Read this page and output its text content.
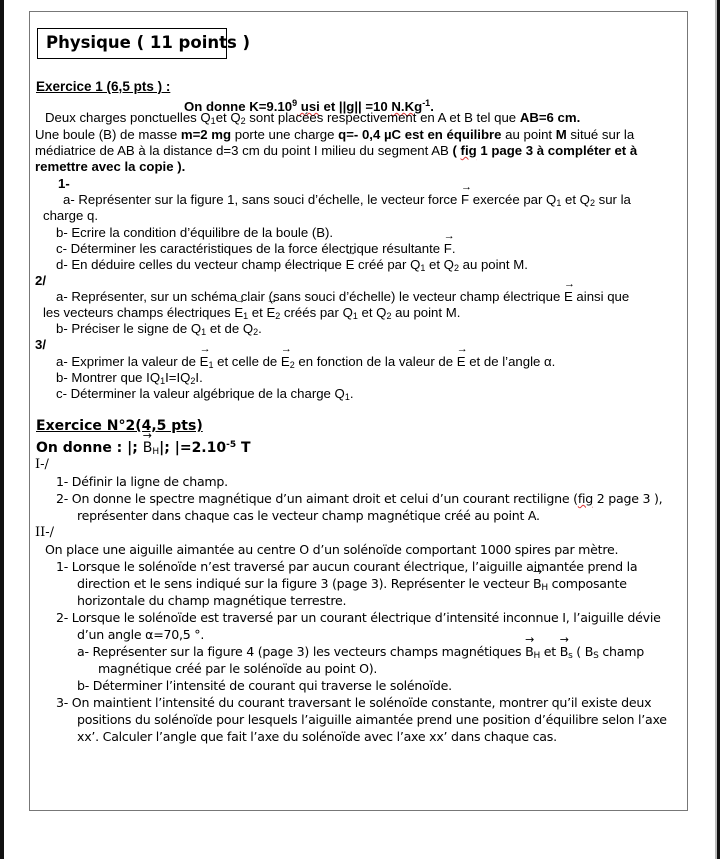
Physique ( 11 points )
Exercice 1 (6,5 pts ) :
On donne $K=9.10^9$ usi et ||g|| =10 $N.Kg^{-1}$.
Deux charges ponctuelles $Q_1et$ $Q_2$ sont placées respectivement en A et B tel que AB=6 cm.
Une boule (B) de masse m=2 mg porte une charge q=- 0,4 µC est en équilibre au point M situé sur la
médiatrice de AB à la distance d=3 cm du point I milieu du segment AB ( fig 1 page 3 à compléter et à
remettre avec la copie ).
1-
a- Représenter sur la figure 1, sans souci d’échelle, le vecteur force → F exercée par $Q_1$ et $Q_2$ sur la
charge q.
b- Ecrire la condition d’équilibre de la boule (B).
c- Déterminer les caractéristiques de la force électrique résultante → F.
d- En déduire celles du vecteur champ électrique → E créé par $Q_1$ et $Q_2$ au point M.
2/
a- Représenter, sur un schéma clair (sans souci d’échelle) le vecteur champ électrique → E ainsi que
les vecteurs champs électriques → $E_1$ et → $E_2$ créés par $Q_1$ et $Q_2$ au point M.
b- Préciser le signe de $Q_1$ et de $Q_2$.
3/
a- Exprimer la valeur de → $E_1$ et celle de → $E_2$ en fonction de la valeur de → E et de l’angle α.
b- Montrer que $IQ_1I=IQ_2I$.
c- Déterminer la valeur algébrique de la charge $Q_1$.
Exercice N°2(4,5 pts)
On donne : |; → $B_H|$; $|=2.10^{-5}$ T
I-/
1- Définir la ligne de champ.
2- On donne le spectre magnétique d’un aimant droit et celui d’un courant rectiligne (fig 2 page 3 ),
représenter dans chaque cas le vecteur champ magnétique créé au point A.
II-/
On place une aiguille aimantée au centre O d’un solénoïde comportant 1000 spires par mètre.
1- Lorsque le solénoïde n’est traversé par aucun courant électrique, l’aiguille aimantée prend la
direction et le sens indiqué sur la figure 3 (page 3). Représenter le vecteur → $B_H$ composante
horizontale du champ magnétique terrestre.
2- Lorsque le solénoïde est traversé par un courant électrique d’intensité inconnue I, l’aiguille dévie
d’un angle α=70,5 °.
a- Représenter sur la figure 4 (page 3) les vecteurs champs magnétiques → $B_H$ et → $B_s$ ( $B_S$ champ
magnétique créé par le solénoïde au point O).
b- Déterminer l’intensité de courant qui traverse le solénoïde.
3- On maintient l’intensité du courant traversant le solénoïde constante, montrer qu’il existe deux
positions du solénoïde pour lesquels l’aiguille aimantée prend une position d’équilibre selon l’axe
xx’. Calculer l’angle que fait l’axe du solénoïde avec l’axe xx’ dans chaque cas.
